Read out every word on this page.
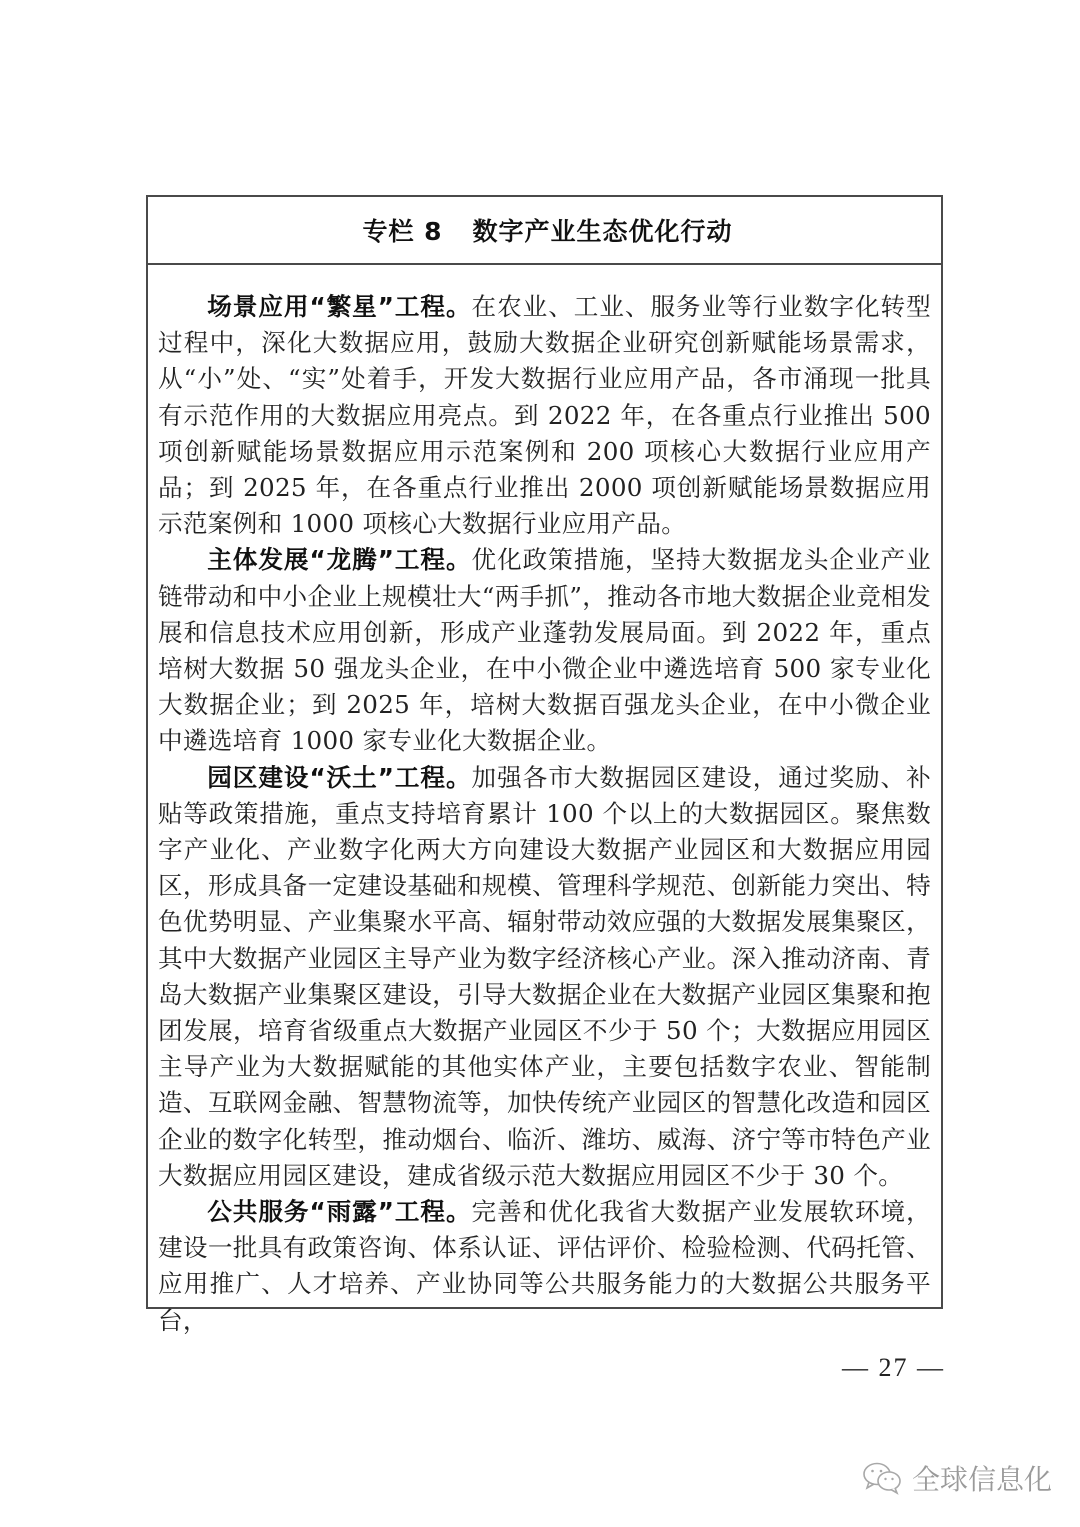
专栏 8 数字产业生态优化行动

场景应用“繁星”工程。在农业、工业、服务业等行业数字化转型过程中，深化大数据应用，鼓励大数据企业研究创新赋能场景需求，从“小”处、“实”处着手，开发大数据行业应用产品，各市涌现一批具有示范作用的大数据应用亮点。到 2022 年，在各重点行业推出 500 项创新赋能场景数据应用示范案例和 200 项核心大数据行业应用产品；到 2025 年，在各重点行业推出 2000 项创新赋能场景数据应用示范案例和 1000 项核心大数据行业应用产品。

主体发展“龙腾”工程。优化政策措施，坚持大数据龙头企业产业链带动和中小企业上规模壮大“两手抓”，推动各市地大数据企业竞相发展和信息技术应用创新，形成产业蓬勃发展局面。到 2022 年，重点培树大数据 50 强龙头企业，在中小微企业中遴选培育 500 家专业化大数据企业；到 2025 年，培树大数据百强龙头企业，在中小微企业中遴选培育 1000 家专业化大数据企业。

园区建设“沃土”工程。加强各市大数据园区建设，通过奖励、补贴等政策措施，重点支持培育累计 100 个以上的大数据园区。聚焦数字产业化、产业数字化两大方向建设大数据产业园区和大数据应用园区，形成具备一定建设基础和规模、管理科学规范、创新能力突出、特色优势明显、产业集聚水平高、辐射带动效应强的大数据发展集聚区，其中大数据产业园区主导产业为数字经济核心产业。深入推动济南、青岛大数据产业集聚区建设，引导大数据企业在大数据产业园区集聚和抱团发展，培育省级重点大数据产业园区不少于 50 个；大数据应用园区主导产业为大数据赋能的其他实体产业，主要包括数字农业、智能制造、互联网金融、智慧物流等，加快传统产业园区的智慧化改造和园区企业的数字化转型，推动烟台、临沂、潍坊、威海、济宁等市特色产业大数据应用园区建设，建成省级示范大数据应用园区不少于 30 个。

公共服务“雨露”工程。完善和优化我省大数据产业发展软环境，建设一批具有政策咨询、体系认证、评估评价、检验检测、代码托管、应用推广、人才培养、产业协同等公共服务能力的大数据公共服务平台，

— 27 —
全球信息化
